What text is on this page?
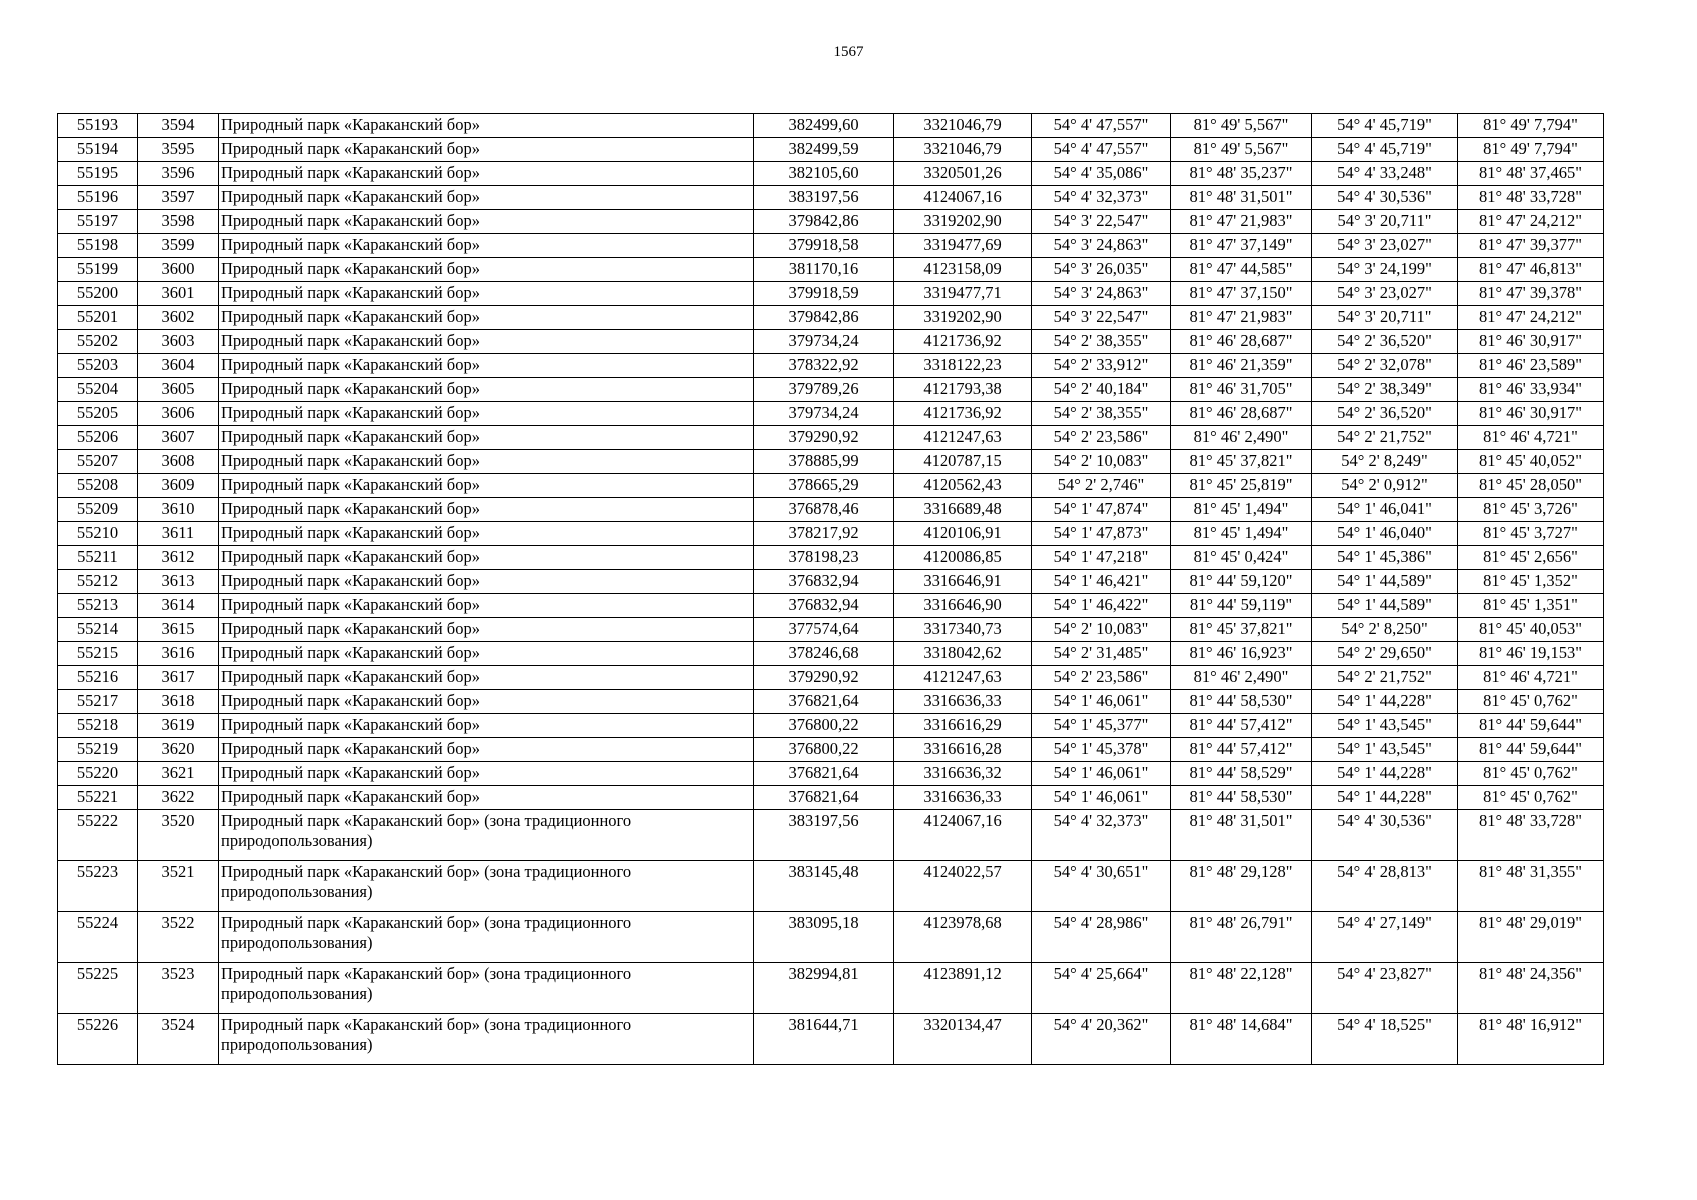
1567
55193	3594	Природный парк «Караканский бор»	382499,60	3321046,79	54° 4' 47,557"	81° 49' 5,567"	54° 4' 45,719"	81° 49' 7,794"
55194	3595	Природный парк «Караканский бор»	382499,59	3321046,79	54° 4' 47,557"	81° 49' 5,567"	54° 4' 45,719"	81° 49' 7,794"
55195	3596	Природный парк «Караканский бор»	382105,60	3320501,26	54° 4' 35,086"	81° 48' 35,237"	54° 4' 33,248"	81° 48' 37,465"
55196	3597	Природный парк «Караканский бор»	383197,56	4124067,16	54° 4' 32,373"	81° 48' 31,501"	54° 4' 30,536"	81° 48' 33,728"
55197	3598	Природный парк «Караканский бор»	379842,86	3319202,90	54° 3' 22,547"	81° 47' 21,983"	54° 3' 20,711"	81° 47' 24,212"
55198	3599	Природный парк «Караканский бор»	379918,58	3319477,69	54° 3' 24,863"	81° 47' 37,149"	54° 3' 23,027"	81° 47' 39,377"
55199	3600	Природный парк «Караканский бор»	381170,16	4123158,09	54° 3' 26,035"	81° 47' 44,585"	54° 3' 24,199"	81° 47' 46,813"
55200	3601	Природный парк «Караканский бор»	379918,59	3319477,71	54° 3' 24,863"	81° 47' 37,150"	54° 3' 23,027"	81° 47' 39,378"
55201	3602	Природный парк «Караканский бор»	379842,86	3319202,90	54° 3' 22,547"	81° 47' 21,983"	54° 3' 20,711"	81° 47' 24,212"
55202	3603	Природный парк «Караканский бор»	379734,24	4121736,92	54° 2' 38,355"	81° 46' 28,687"	54° 2' 36,520"	81° 46' 30,917"
55203	3604	Природный парк «Караканский бор»	378322,92	3318122,23	54° 2' 33,912"	81° 46' 21,359"	54° 2' 32,078"	81° 46' 23,589"
55204	3605	Природный парк «Караканский бор»	379789,26	4121793,38	54° 2' 40,184"	81° 46' 31,705"	54° 2' 38,349"	81° 46' 33,934"
55205	3606	Природный парк «Караканский бор»	379734,24	4121736,92	54° 2' 38,355"	81° 46' 28,687"	54° 2' 36,520"	81° 46' 30,917"
55206	3607	Природный парк «Караканский бор»	379290,92	4121247,63	54° 2' 23,586"	81° 46' 2,490"	54° 2' 21,752"	81° 46' 4,721"
55207	3608	Природный парк «Караканский бор»	378885,99	4120787,15	54° 2' 10,083"	81° 45' 37,821"	54° 2' 8,249"	81° 45' 40,052"
55208	3609	Природный парк «Караканский бор»	378665,29	4120562,43	54° 2' 2,746"	81° 45' 25,819"	54° 2' 0,912"	81° 45' 28,050"
55209	3610	Природный парк «Караканский бор»	376878,46	3316689,48	54° 1' 47,874"	81° 45' 1,494"	54° 1' 46,041"	81° 45' 3,726"
55210	3611	Природный парк «Караканский бор»	378217,92	4120106,91	54° 1' 47,873"	81° 45' 1,494"	54° 1' 46,040"	81° 45' 3,727"
55211	3612	Природный парк «Караканский бор»	378198,23	4120086,85	54° 1' 47,218"	81° 45' 0,424"	54° 1' 45,386"	81° 45' 2,656"
55212	3613	Природный парк «Караканский бор»	376832,94	3316646,91	54° 1' 46,421"	81° 44' 59,120"	54° 1' 44,589"	81° 45' 1,352"
55213	3614	Природный парк «Караканский бор»	376832,94	3316646,90	54° 1' 46,422"	81° 44' 59,119"	54° 1' 44,589"	81° 45' 1,351"
55214	3615	Природный парк «Караканский бор»	377574,64	3317340,73	54° 2' 10,083"	81° 45' 37,821"	54° 2' 8,250"	81° 45' 40,053"
55215	3616	Природный парк «Караканский бор»	378246,68	3318042,62	54° 2' 31,485"	81° 46' 16,923"	54° 2' 29,650"	81° 46' 19,153"
55216	3617	Природный парк «Караканский бор»	379290,92	4121247,63	54° 2' 23,586"	81° 46' 2,490"	54° 2' 21,752"	81° 46' 4,721"
55217	3618	Природный парк «Караканский бор»	376821,64	3316636,33	54° 1' 46,061"	81° 44' 58,530"	54° 1' 44,228"	81° 45' 0,762"
55218	3619	Природный парк «Караканский бор»	376800,22	3316616,29	54° 1' 45,377"	81° 44' 57,412"	54° 1' 43,545"	81° 44' 59,644"
55219	3620	Природный парк «Караканский бор»	376800,22	3316616,28	54° 1' 45,378"	81° 44' 57,412"	54° 1' 43,545"	81° 44' 59,644"
55220	3621	Природный парк «Караканский бор»	376821,64	3316636,32	54° 1' 46,061"	81° 44' 58,529"	54° 1' 44,228"	81° 45' 0,762"
55221	3622	Природный парк «Караканский бор»	376821,64	3316636,33	54° 1' 46,061"	81° 44' 58,530"	54° 1' 44,228"	81° 45' 0,762"
55222	3520	Природный парк «Караканский бор» (зона традиционного природопользования)	383197,56	4124067,16	54° 4' 32,373"	81° 48' 31,501"	54° 4' 30,536"	81° 48' 33,728"
55223	3521	Природный парк «Караканский бор» (зона традиционного природопользования)	383145,48	4124022,57	54° 4' 30,651"	81° 48' 29,128"	54° 4' 28,813"	81° 48' 31,355"
55224	3522	Природный парк «Караканский бор» (зона традиционного природопользования)	383095,18	4123978,68	54° 4' 28,986"	81° 48' 26,791"	54° 4' 27,149"	81° 48' 29,019"
55225	3523	Природный парк «Караканский бор» (зона традиционного природопользования)	382994,81	4123891,12	54° 4' 25,664"	81° 48' 22,128"	54° 4' 23,827"	81° 48' 24,356"
55226	3524	Природный парк «Караканский бор» (зона традиционного природопользования)	381644,71	3320134,47	54° 4' 20,362"	81° 48' 14,684"	54° 4' 18,525"	81° 48' 16,912"
